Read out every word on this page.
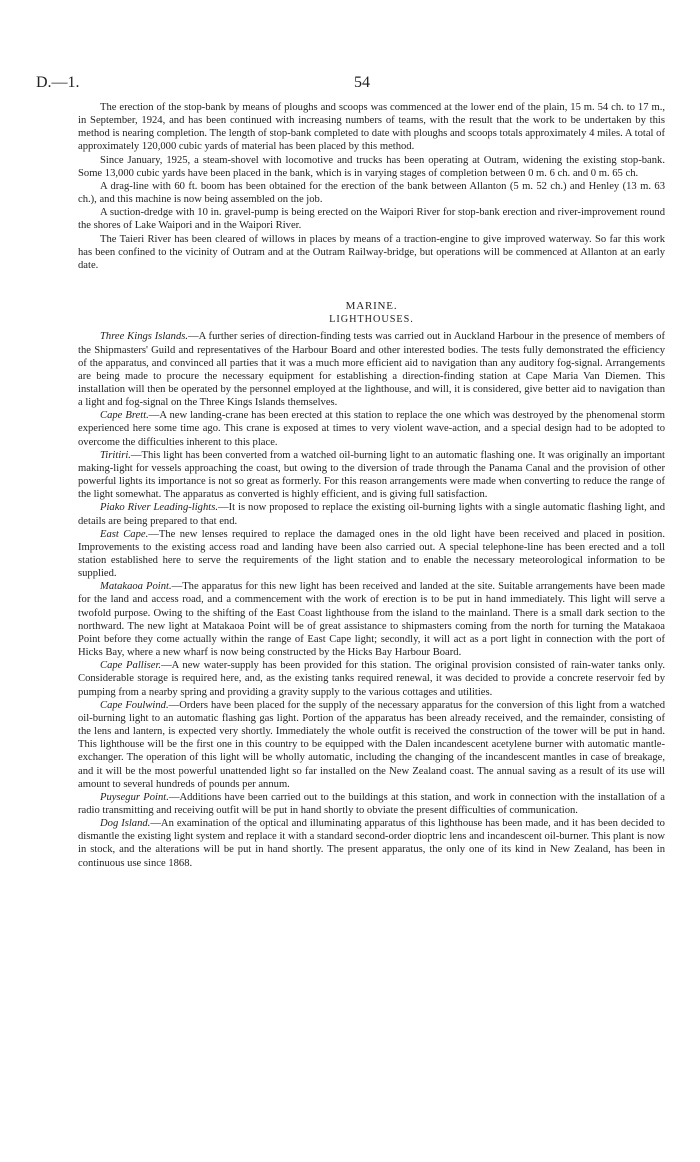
D.—1.	54

The erection of the stop-bank by means of ploughs and scoops was commenced at the lower end of the plain, 15 m. 54 ch. to 17 m., in September, 1924, and has been continued with increasing numbers of teams, with the result that the work to be undertaken by this method is nearing completion. The length of stop-bank completed to date with ploughs and scoops totals approximately 4 miles. A total of approximately 120,000 cubic yards of material has been placed by this method.

Since January, 1925, a steam-shovel with locomotive and trucks has been operating at Outram, widening the existing stop-bank. Some 13,000 cubic yards have been placed in the bank, which is in varying stages of completion between 0 m. 6 ch. and 0 m. 65 ch.

A drag-line with 60 ft. boom has been obtained for the erection of the bank between Allanton (5 m. 52 ch.) and Henley (13 m. 63 ch.), and this machine is now being assembled on the job.

A suction-dredge with 10 in. gravel-pump is being erected on the Waipori River for stop-bank erection and river-improvement round the shores of Lake Waipori and in the Waipori River.

The Taieri River has been cleared of willows in places by means of a traction-engine to give improved waterway. So far this work has been confined to the vicinity of Outram and at the Outram Railway-bridge, but operations will be commenced at Allanton at an early date.

MARINE.

LIGHTHOUSES.

Three Kings Islands.—A further series of direction-finding tests was carried out in Auckland Harbour in the presence of members of the Shipmasters' Guild and representatives of the Harbour Board and other interested bodies. The tests fully demonstrated the efficiency of the apparatus, and convinced all parties that it was a much more efficient aid to navigation than any auditory fog-signal. Arrangements are being made to procure the necessary equipment for establishing a direction-finding station at Cape Maria Van Diemen. This installation will then be operated by the personnel employed at the lighthouse, and will, it is considered, give better aid to navigation than a light and fog-signal on the Three Kings Islands themselves.

Cape Brett.—A new landing-crane has been erected at this station to replace the one which was destroyed by the phenomenal storm experienced here some time ago. This crane is exposed at times to very violent wave-action, and a special design had to be adopted to overcome the difficulties inherent to this place.

Tiritiri.—This light has been converted from a watched oil-burning light to an automatic flashing one. It was originally an important making-light for vessels approaching the coast, but owing to the diversion of trade through the Panama Canal and the provision of other powerful lights its importance is not so great as formerly. For this reason arrangements were made when converting to reduce the range of the light somewhat. The apparatus as converted is highly efficient, and is giving full satisfaction.

Piako River Leading-lights.—It is now proposed to replace the existing oil-burning lights with a single automatic flashing light, and details are being prepared to that end.

East Cape.—The new lenses required to replace the damaged ones in the old light have been received and placed in position. Improvements to the existing access road and landing have been also carried out. A special telephone-line has been erected and a toll station established here to serve the requirements of the light station and to enable the necessary meteorological information to be supplied.

Matakaoa Point.—The apparatus for this new light has been received and landed at the site. Suitable arrangements have been made for the land and access road, and a commencement with the work of erection is to be put in hand immediately. This light will serve a twofold purpose. Owing to the shifting of the East Coast lighthouse from the island to the mainland. There is a small dark section to the northward. The new light at Matakaoa Point will be of great assistance to shipmasters coming from the north for turning the Matakaoa Point before they come actually within the range of East Cape light; secondly, it will act as a port light in connection with the port of Hicks Bay, where a new wharf is now being constructed by the Hicks Bay Harbour Board.

Cape Palliser.—A new water-supply has been provided for this station. The original provision consisted of rain-water tanks only. Considerable storage is required here, and, as the existing tanks required renewal, it was decided to provide a concrete reservoir fed by pumping from a nearby spring and providing a gravity supply to the various cottages and utilities.

Cape Foulwind.—Orders have been placed for the supply of the necessary apparatus for the conversion of this light from a watched oil-burning light to an automatic flashing gas light. Portion of the apparatus has been already received, and the remainder, consisting of the lens and lantern, is expected very shortly. Immediately the whole outfit is received the construction of the tower will be put in hand. This lighthouse will be the first one in this country to be equipped with the Dalen incandescent acetylene burner with automatic mantle-exchanger. The operation of this light will be wholly automatic, including the changing of the incandescent mantles in case of breakage, and it will be the most powerful unattended light so far installed on the New Zealand coast. The annual saving as a result of its use will amount to several hundreds of pounds per annum.

Puysegur Point.—Additions have been carried out to the buildings at this station, and work in connection with the installation of a radio transmitting and receiving outfit will be put in hand shortly to obviate the present difficulties of communication.

Dog Island.—An examination of the optical and illuminating apparatus of this lighthouse has been made, and it has been decided to dismantle the existing light system and replace it with a standard second-order dioptric lens and incandescent oil-burner. This plant is now in stock, and the alterations will be put in hand shortly. The present apparatus, the only one of its kind in New Zealand, has been in continuous use since 1868.
